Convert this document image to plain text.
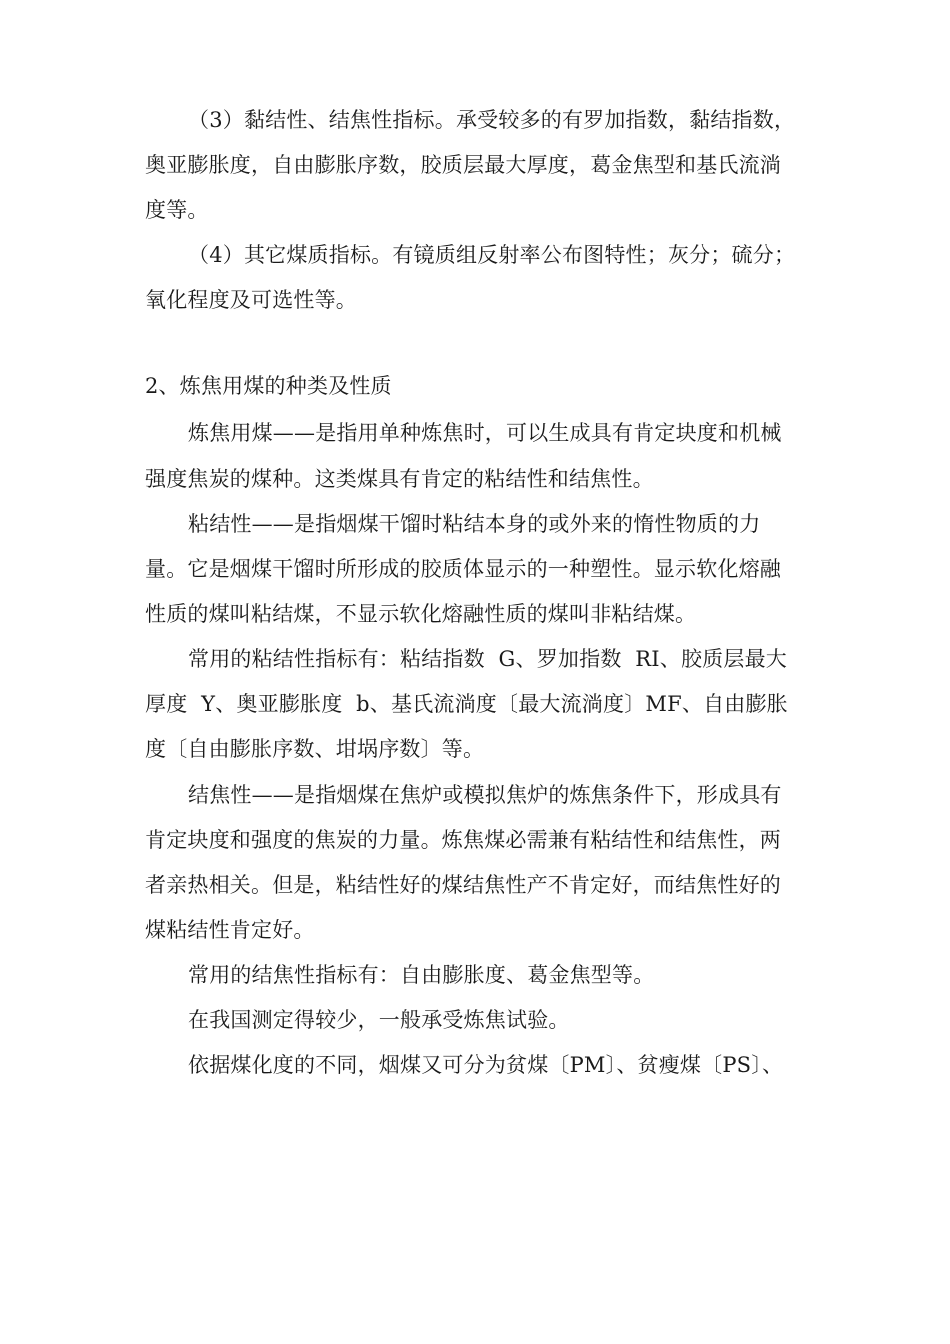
（3）黏结性、结焦性指标。承受较多的有罗加指数，黏结指数，
奥亚膨胀度，自由膨胀序数，胶质层最大厚度，葛金焦型和基氏流淌
度等。
（4）其它煤质指标。有镜质组反射率公布图特性；灰分；硫分；
氧化程度及可选性等。
2、炼焦用煤的种类及性质
炼焦用煤——是指用单种炼焦时，可以生成具有肯定块度和机械
强度焦炭的煤种。这类煤具有肯定的粘结性和结焦性。
粘结性——是指烟煤干馏时粘结本身的或外来的惰性物质的力
量。它是烟煤干馏时所形成的胶质体显示的一种塑性。显示软化熔融
性质的煤叫粘结煤，不显示软化熔融性质的煤叫非粘结煤。
常用的粘结性指标有：粘结指数  G、罗加指数  RI、胶质层最大
厚度  Y、奥亚膨胀度  b、基氏流淌度〔最大流淌度〕MF、自由膨胀
度〔自由膨胀序数、坩埚序数〕等。
结焦性——是指烟煤在焦炉或模拟焦炉的炼焦条件下，形成具有
肯定块度和强度的焦炭的力量。炼焦煤必需兼有粘结性和结焦性，两
者亲热相关。但是，粘结性好的煤结焦性产不肯定好，而结焦性好的
煤粘结性肯定好。
常用的结焦性指标有：自由膨胀度、葛金焦型等。
在我国测定得较少，一般承受炼焦试验。
依据煤化度的不同，烟煤又可分为贫煤〔PM〕、贫瘦煤〔PS〕、
